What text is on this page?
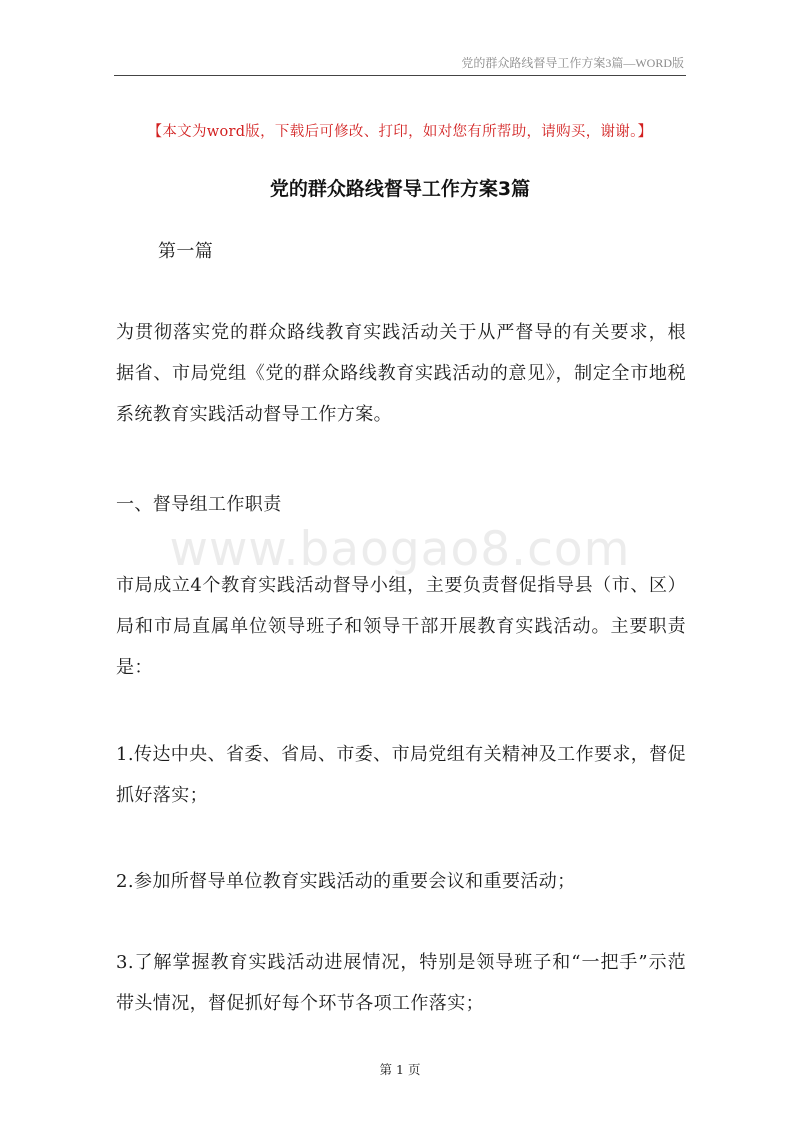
党的群众路线督导工作方案3篇—WORD版
【本文为word版，下载后可修改、打印，如对您有所帮助，请购买，谢谢。】
党的群众路线督导工作方案3篇
第一篇
www.baogao8.com
为贯彻落实党的群众路线教育实践活动关于从严督导的有关要求，根据省、市局党组《党的群众路线教育实践活动的意见》，制定全市地税系统教育实践活动督导工作方案。
一、督导组工作职责
市局成立4个教育实践活动督导小组，主要负责督促指导县（市、区）局和市局直属单位领导班子和领导干部开展教育实践活动。主要职责是：
1.传达中央、省委、省局、市委、市局党组有关精神及工作要求，督促抓好落实；
2.参加所督导单位教育实践活动的重要会议和重要活动；
3.了解掌握教育实践活动进展情况，特别是领导班子和“一把手”示范带头情况，督促抓好每个环节各项工作落实；
第 1 页
